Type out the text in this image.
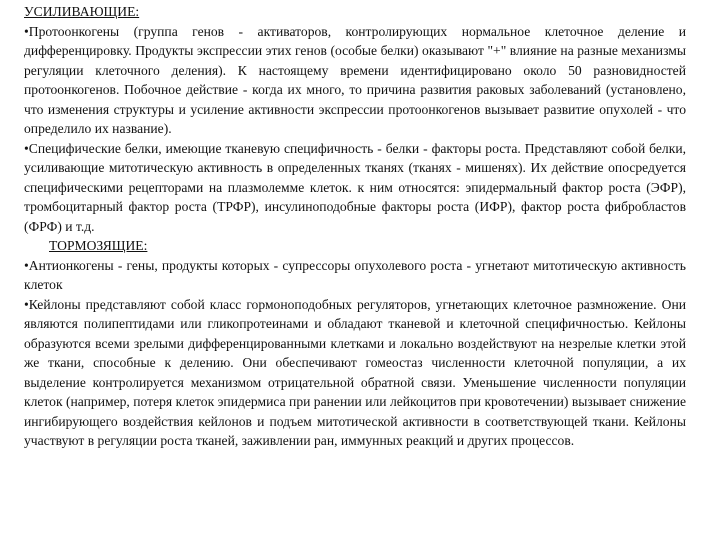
УСИЛИВАЮЩИЕ:

•Протоонкогены (группа генов - активаторов, контролирующих нормальное клеточное деление и дифференцировку. Продукты экспрессии этих генов (особые белки) оказывают "+" влияние на разные механизмы регуляции клеточного деления). К настоящему времени идентифицировано около 50 разновидностей протоонкогенов. Побочное действие - когда их много, то причина развития раковых заболеваний (установлено, что изменения структуры и усиление активности экспрессии протоонкогенов вызывает развитие опухолей - что определило их название).

•Специфические белки, имеющие тканевую специфичность - белки - факторы роста. Представляют собой белки, усиливающие митотическую активность в определенных тканях (тканях - мишенях). Их действие опосредуется специфическими рецепторами на плазмолемме клеток. к ним относятся: эпидермальный фактор роста (ЭФР), тромбоцитарный фактор роста (ТРФР), инсулиноподобные факторы роста (ИФР), фактор роста фибробластов (ФРФ) и т.д.

ТОРМОЗЯЩИЕ:

•Антионкогены - гены, продукты которых - супрессоры опухолевого роста - угнетают митотическую активность клеток

•Кейлоны представляют собой класс гормоноподобных регуляторов, угнетающих клеточное размножение. Они являются полипептидами или гликопротеинами и обладают тканевой и клеточной специфичностью. Кейлоны образуются всеми зрелыми дифференцированными клетками и локально воздействуют на незрелые клетки этой же ткани, способные к делению. Они обеспечивают гомеостаз численности клеточной популяции, а их выделение контролируется механизмом отрицательной обратной связи. Уменьшение численности популяции клеток (например, потеря клеток эпидермиса при ранении или лейкоцитов при кровотечении) вызывает снижение ингибирующего воздействия кейлонов и подъем митотической активности в соответствующей ткани. Кейлоны участвуют в регуляции роста тканей, заживлении ран, иммунных реакций и других процессов.
